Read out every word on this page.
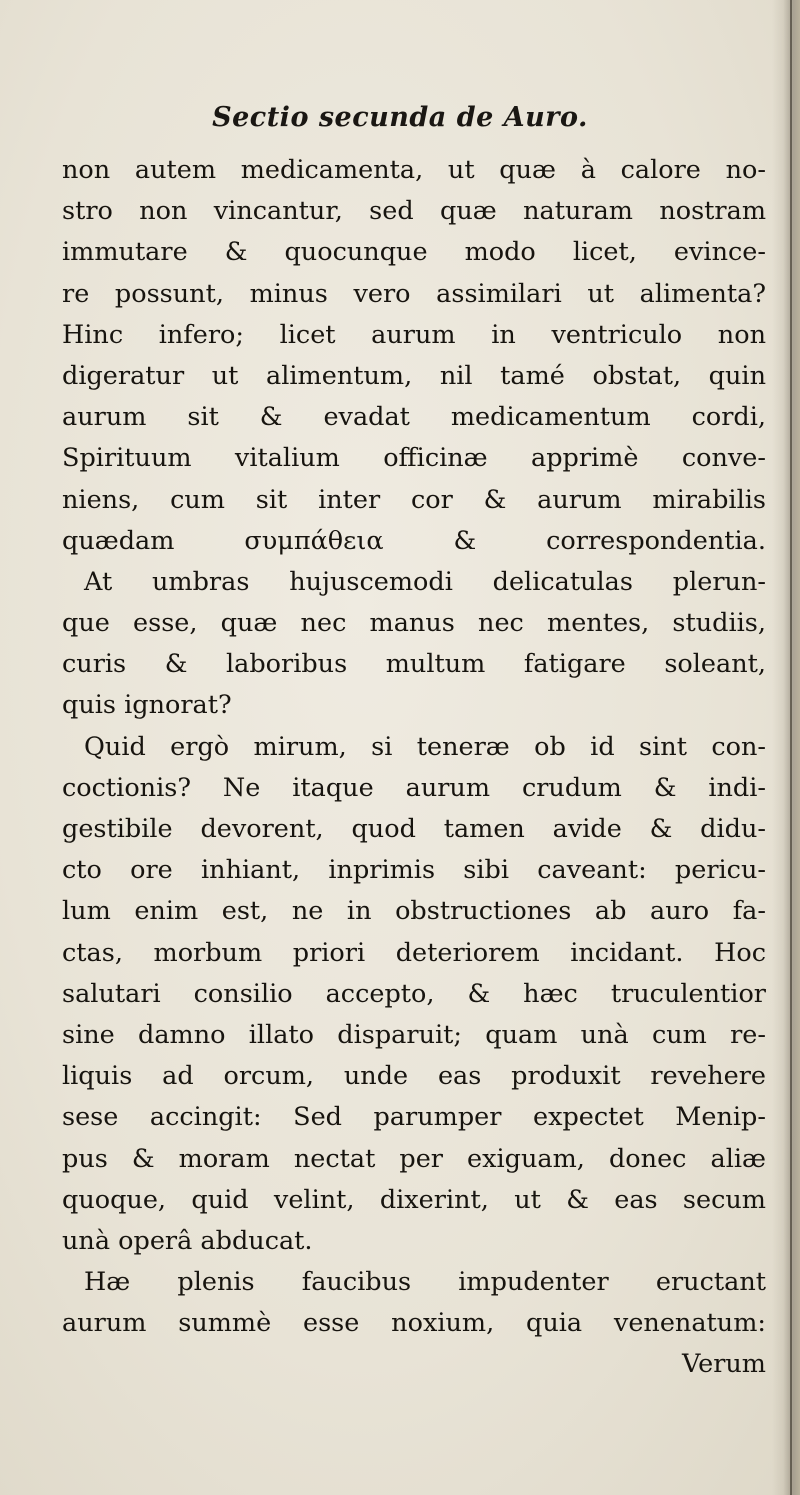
Sectio secunda de Auro.
non autem medicamenta, ut quæ à calore no-
stro non vincantur, sed quæ naturam nostram
immutare & quocunque modo licet, evince-
re possunt, minus vero assimilari ut alimenta?
Hinc infero; licet aurum in ventriculo non
digeratur ut alimentum, nil tamé obstat, quin
aurum sit & evadat medicamentum cordi,
Spirituum vitalium officinæ apprimè conve-
niens, cum sit inter cor & aurum mirabilis
quædam συμπάθεια & correspondentia.
At umbras hujuscemodi delicatulas plerun-
que esse, quæ nec manus nec mentes, studiis,
curis & laboribus multum fatigare soleant,
quis ignorat?
Quid ergò mirum, si teneræ ob id sint con-
coctionis? Ne itaque aurum crudum & indi-
gestibile devorent, quod tamen avide & didu-
cto ore inhiant, inprimis sibi caveant: pericu-
lum enim est, ne in obstructiones ab auro fa-
ctas, morbum priori deteriorem incidant. Hoc
salutari consilio accepto, & hæc truculentior
sine damno illato disparuit; quam unà cum re-
liquis ad orcum, unde eas produxit revehere
sese accingit: Sed parumper expectet Menip-
pus & moram nectat per exiguam, donec aliæ
quoque, quid velint, dixerint, ut & eas secum
unà operâ abducat.
Hæ plenis faucibus impudenter eructant
aurum summè esse noxium, quia venenatum:
Verum
